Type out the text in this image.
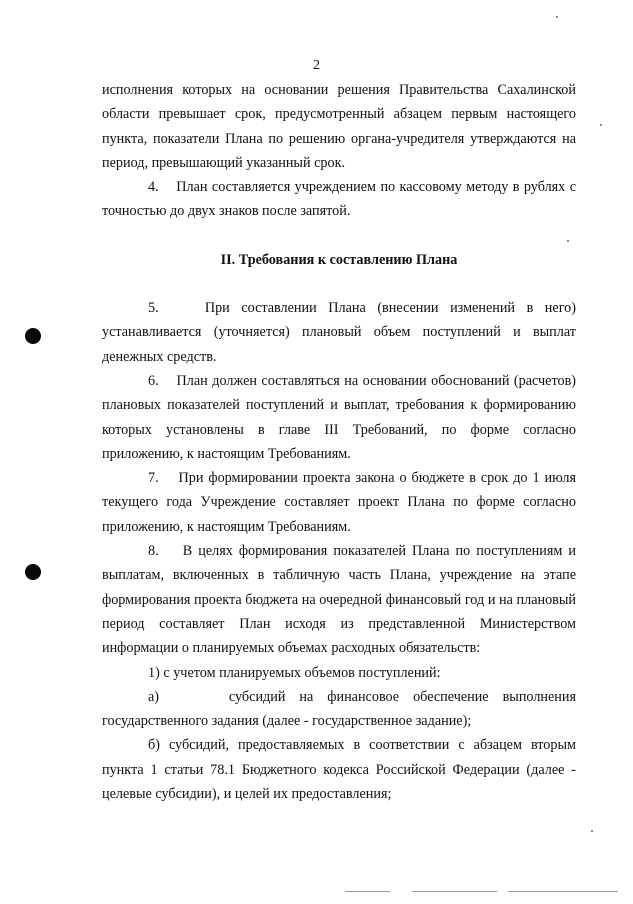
2

исполнения которых на основании решения Правительства Сахалинской области превышает срок, предусмотренный абзацем первым настоящего пункта, показатели Плана по решению органа-учредителя утверждаются на период, превышающий указанный срок.

4.    План составляется учреждением по кассовому методу в рублях с точностью до двух знаков после запятой.

II. Требования к составлению Плана

5.    При составлении Плана (внесении изменений в него) устанавливается (уточняется) плановый объем поступлений и выплат денежных средств.

6.    План должен составляться на основании обоснований (расчетов) плановых показателей поступлений и выплат, требования к формированию которых установлены в главе III Требований, по форме согласно приложению, к настоящим Требованиям.

7.    При формировании проекта закона о бюджете в срок до 1 июля текущего года Учреждение составляет проект Плана по форме согласно приложению, к настоящим Требованиям.

8.    В целях формирования показателей Плана по поступлениям и выплатам, включенных в табличную часть Плана, учреждение на этапе формирования проекта бюджета на очередной финансовый год и на плановый период составляет План исходя из представленной Министерством информации о планируемых объемах расходных обязательств:

1) с учетом планируемых объемов поступлений:

а)     субсидий на финансовое обеспечение выполнения государственного задания (далее - государственное задание);

б) субсидий, предоставляемых в соответствии с абзацем вторым пункта 1 статьи 78.1 Бюджетного кодекса Российской Федерации (далее - целевые субсидии), и целей их предоставления;
